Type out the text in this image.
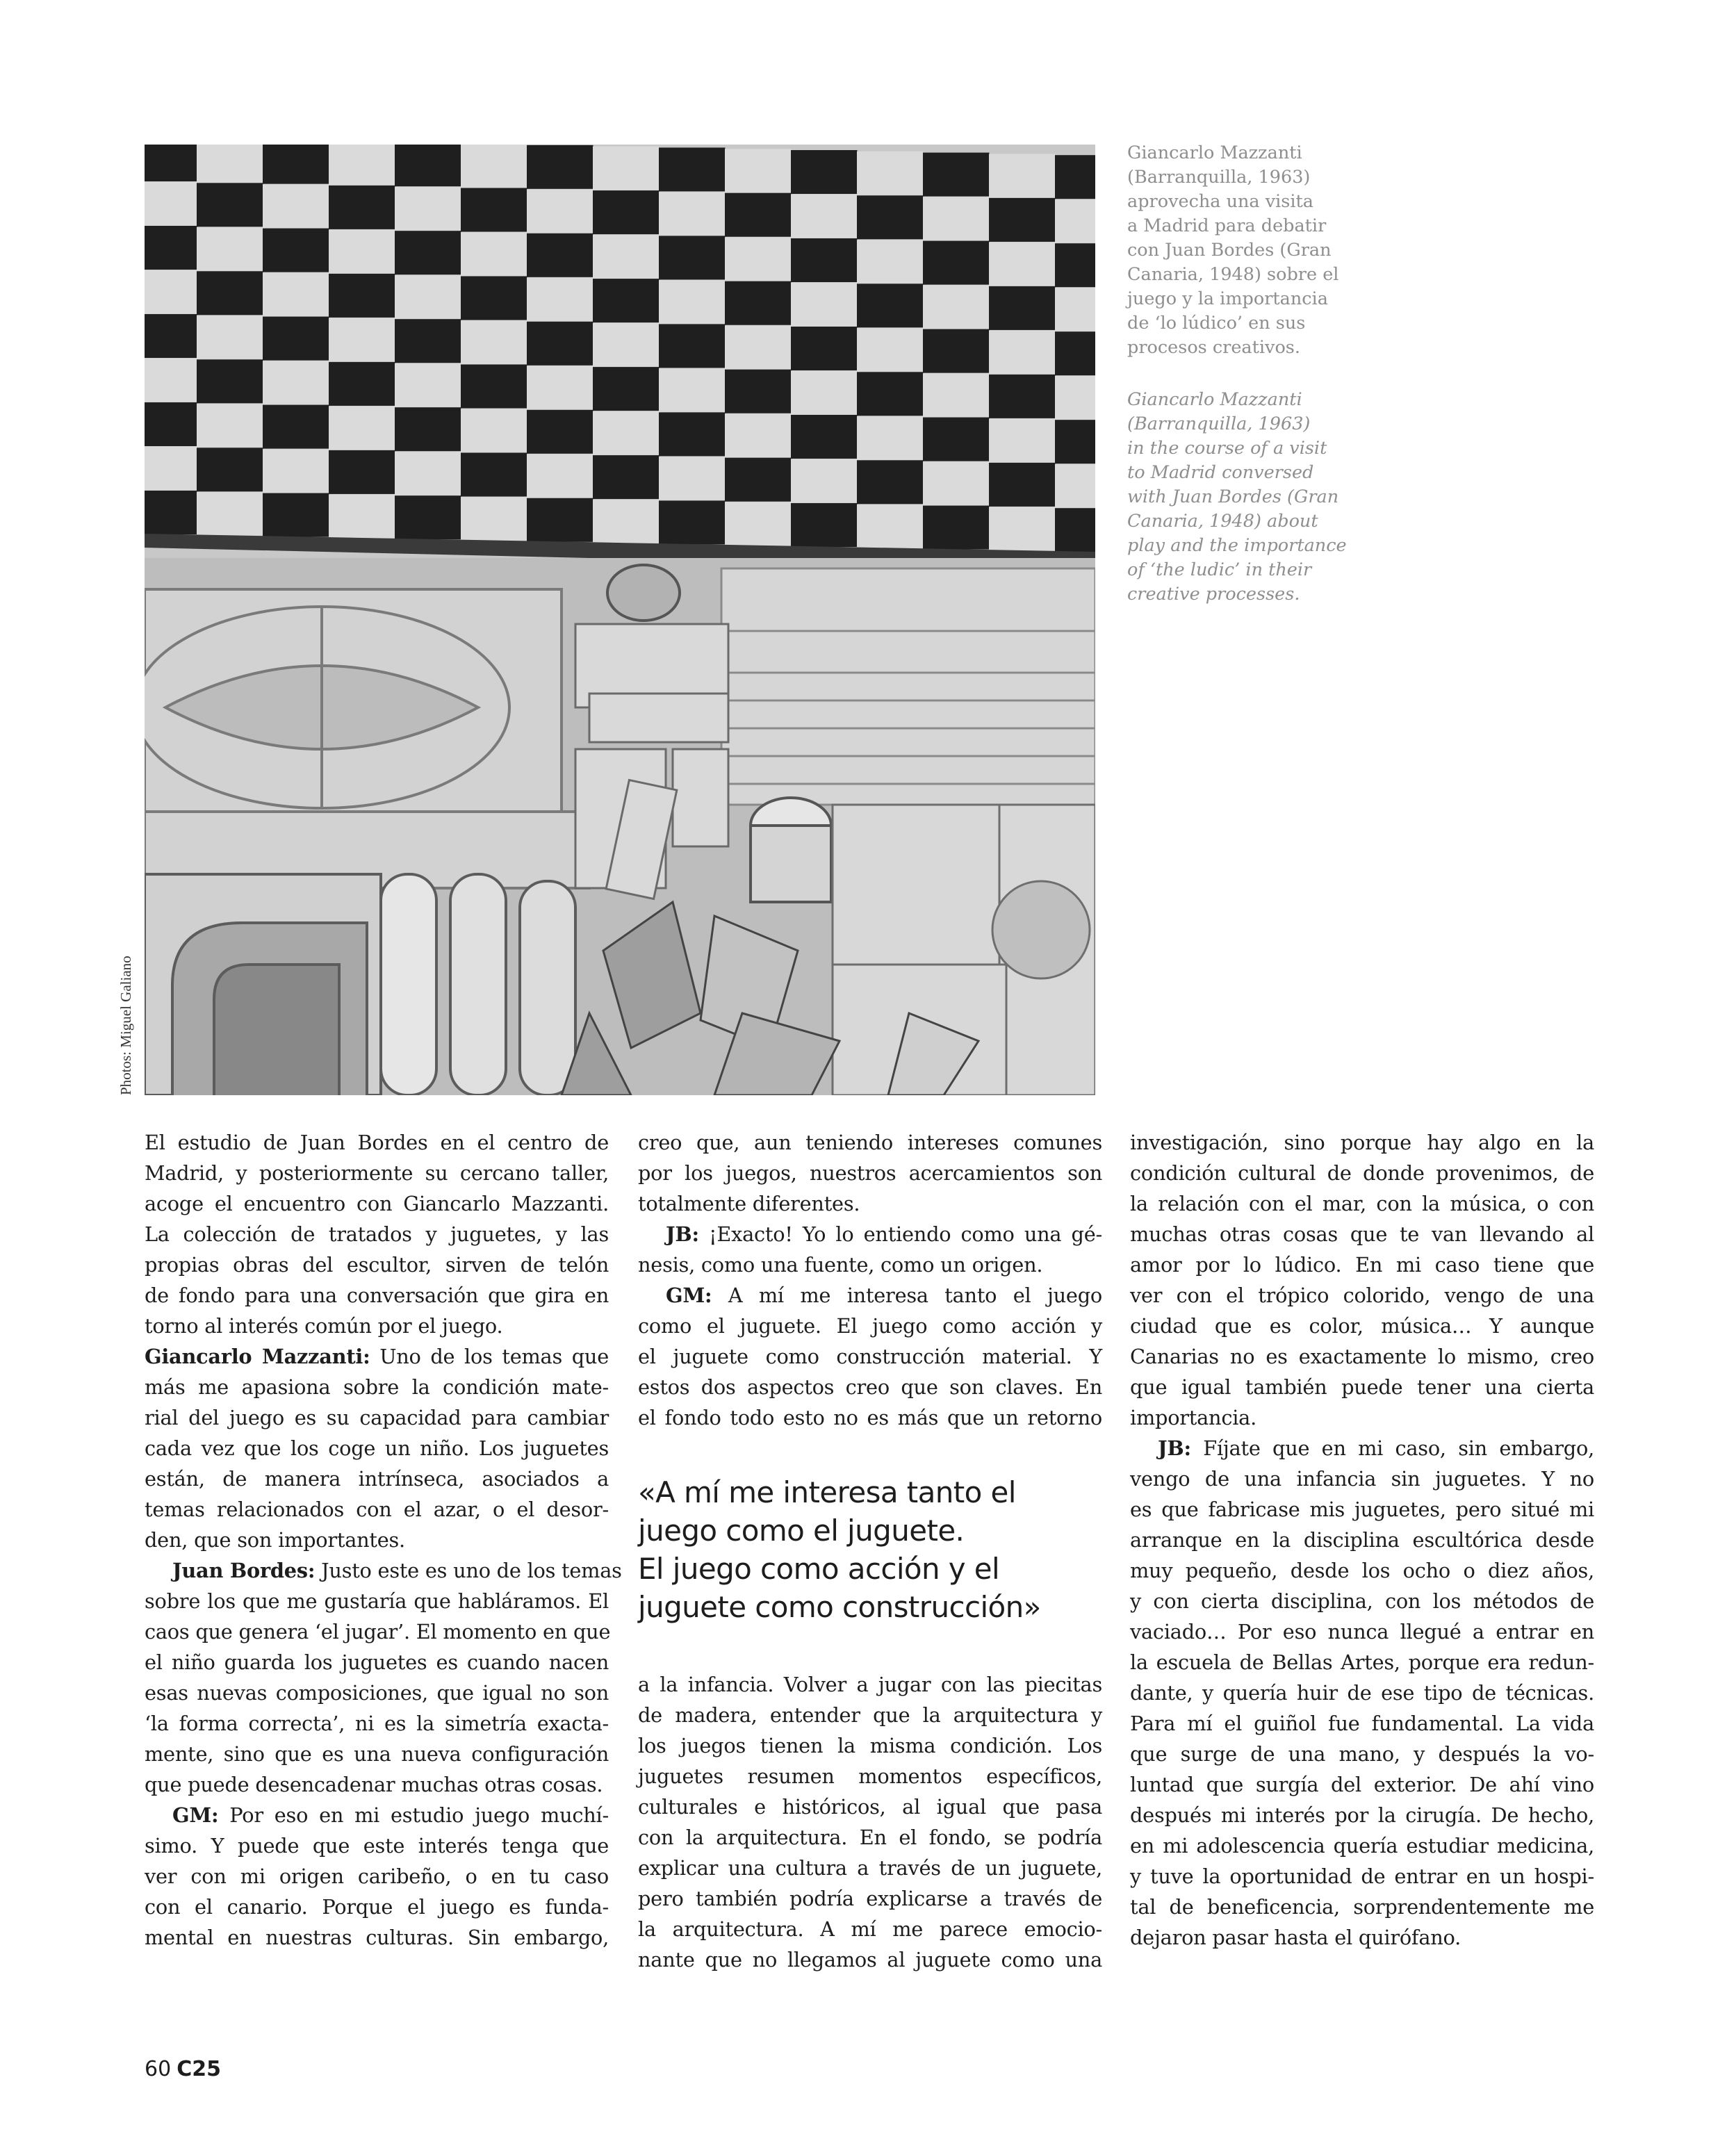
Photos: Miguel Galiano

Giancarlo Mazzanti
(Barranquilla, 1963)
aprovecha una visita
a Madrid para debatir
con Juan Bordes (Gran
Canaria, 1948) sobre el
juego y la importancia
de ‘lo lúdico’ en sus
procesos creativos.

Giancarlo Mazzanti
(Barranquilla, 1963)
in the course of a visit
to Madrid conversed
with Juan Bordes (Gran
Canaria, 1948) about
play and the importance
of ‘the ludic’ in their
creative processes.

El estudio de Juan Bordes en el centro de
Madrid, y posteriormente su cercano taller,
acoge el encuentro con Giancarlo Mazzanti.
La colección de tratados y juguetes, y las
propias obras del escultor, sirven de telón
de fondo para una conversación que gira en
torno al interés común por el juego.

Giancarlo Mazzanti: Uno de los temas que
más me apasiona sobre la condición mate-
rial del juego es su capacidad para cambiar
cada vez que los coge un niño. Los juguetes
están, de manera intrínseca, asociados a
temas relacionados con el azar, o el desor-
den, que son importantes.

Juan Bordes: Justo este es uno de los temas
sobre los que me gustaría que habláramos. El
caos que genera ‘el jugar’. El momento en que
el niño guarda los juguetes es cuando nacen
esas nuevas composiciones, que igual no son
‘la forma correcta’, ni es la simetría exacta-
mente, sino que es una nueva configuración
que puede desencadenar muchas otras cosas.

GM: Por eso en mi estudio juego muchí-
simo. Y puede que este interés tenga que
ver con mi origen caribeño, o en tu caso
con el canario. Porque el juego es funda-
mental en nuestras culturas. Sin embargo,

creo que, aun teniendo intereses comunes
por los juegos, nuestros acercamientos son
totalmente diferentes.

JB: ¡Exacto! Yo lo entiendo como una gé-
nesis, como una fuente, como un origen.

GM: A mí me interesa tanto el juego
como el juguete. El juego como acción y
el juguete como construcción material. Y
estos dos aspectos creo que son claves. En
el fondo todo esto no es más que un retorno

«A mí me interesa tanto el
juego como el juguete.
El juego como acción y el
juguete como construcción»

a la infancia. Volver a jugar con las piecitas
de madera, entender que la arquitectura y
los juegos tienen la misma condición. Los
juguetes resumen momentos específicos,
culturales e históricos, al igual que pasa
con la arquitectura. En el fondo, se podría
explicar una cultura a través de un juguete,
pero también podría explicarse a través de
la arquitectura. A mí me parece emocio-
nante que no llegamos al juguete como una

investigación, sino porque hay algo en la
condición cultural de donde provenimos, de
la relación con el mar, con la música, o con
muchas otras cosas que te van llevando al
amor por lo lúdico. En mi caso tiene que
ver con el trópico colorido, vengo de una
ciudad que es color, música… Y aunque
Canarias no es exactamente lo mismo, creo
que igual también puede tener una cierta
importancia.

JB: Fíjate que en mi caso, sin embargo,
vengo de una infancia sin juguetes. Y no
es que fabricase mis juguetes, pero situé mi
arranque en la disciplina escultórica desde
muy pequeño, desde los ocho o diez años,
y con cierta disciplina, con los métodos de
vaciado… Por eso nunca llegué a entrar en
la escuela de Bellas Artes, porque era redun-
dante, y quería huir de ese tipo de técnicas.
Para mí el guiñol fue fundamental. La vida
que surge de una mano, y después la vo-
luntad que surgía del exterior. De ahí vino
después mi interés por la cirugía. De hecho,
en mi adolescencia quería estudiar medicina,
y tuve la oportunidad de entrar en un hospi-
tal de beneficencia, sorprendentemente me
dejaron pasar hasta el quirófano.

60 C25
